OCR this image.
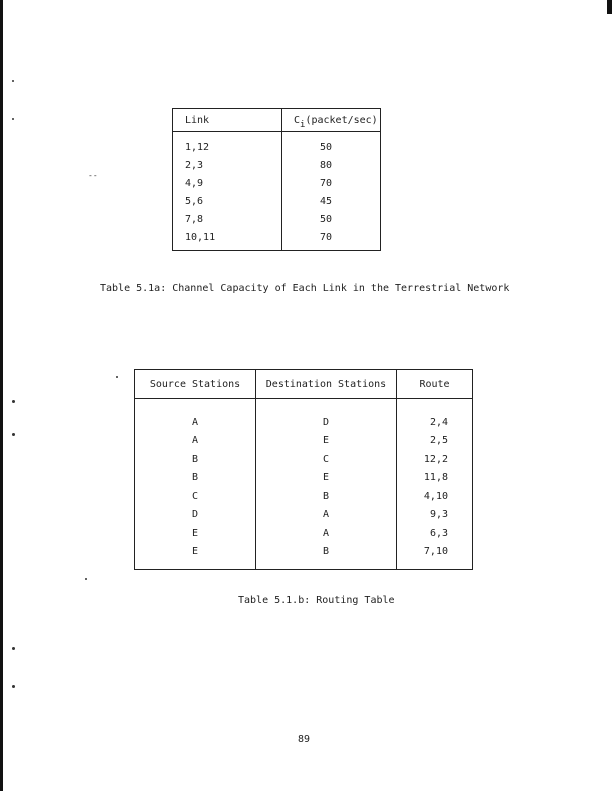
--
Link	Ci(packet/sec)
1,12	50
2,3	80
4,9	70
5,6	45
7,8	50
10,11	70
Table 5.1a: Channel Capacity of Each Link in the Terrestrial Network
Source Stations	Destination Stations	Route
A	D	2,4
A	E	2,5
B	C	12,2
B	E	11,8
C	B	4,10
D	A	9,3
E	A	6,3
E	B	7,10
Table 5.1.b: Routing Table
89
